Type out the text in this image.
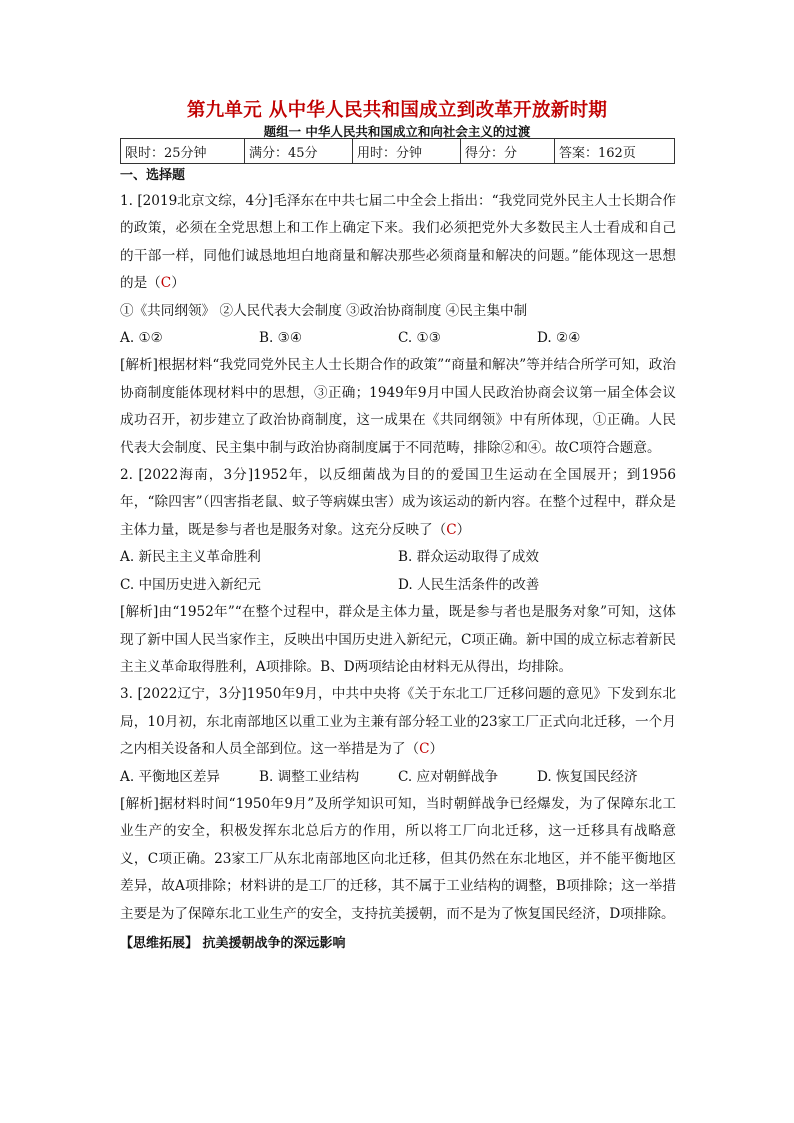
第九单元 从中华人民共和国成立到改革开放新时期
题组一 中华人民共和国成立和向社会主义的过渡
限时：25分钟	满分：45分	用时：分钟	得分：分	答案：162页
一、选择题

1. [2019北京文综，4分]毛泽东在中共七届二中全会上指出：“我党同党外民主人士长期合作的政策，必须在全党思想上和工作上确定下来。我们必须把党外大多数民主人士看成和自己的干部一样，同他们诚恳地坦白地商量和解决那些必须商量和解决的问题。”能体现这一思想的是（C）

①《共同纲领》 ②人民代表大会制度 ③政治协商制度 ④民主集中制

A. ①②	B. ③④	C. ①③	D. ②④

[解析]根据材料“我党同党外民主人士长期合作的政策”“商量和解决”等并结合所学可知，政治协商制度能体现材料中的思想，③正确；1949年9月中国人民政治协商会议第一届全体会议成功召开，初步建立了政治协商制度，这一成果在《共同纲领》中有所体现，①正确。人民代表大会制度、民主集中制与政治协商制度属于不同范畴，排除②和④。故C项符合题意。

2. [2022海南，3分]1952年，以反细菌战为目的的爱国卫生运动在全国展开；到1956年，“除四害”（四害指老鼠、蚊子等病媒虫害）成为该运动的新内容。在整个过程中，群众是主体力量，既是参与者也是服务对象。这充分反映了（C）

A. 新民主主义革命胜利	B. 群众运动取得了成效
C. 中国历史进入新纪元	D. 人民生活条件的改善

[解析]由“1952年”“在整个过程中，群众是主体力量，既是参与者也是服务对象”可知，这体现了新中国人民当家作主，反映出中国历史进入新纪元，C项正确。新中国的成立标志着新民主主义革命取得胜利，A项排除。B、D两项结论由材料无从得出，均排除。

3. [2022辽宁，3分]1950年9月，中共中央将《关于东北工厂迁移问题的意见》下发到东北局，10月初，东北南部地区以重工业为主兼有部分轻工业的23家工厂正式向北迁移，一个月之内相关设备和人员全部到位。这一举措是为了（C）

A. 平衡地区差异	B. 调整工业结构	C. 应对朝鲜战争	D. 恢复国民经济

[解析]据材料时间“1950年9月”及所学知识可知，当时朝鲜战争已经爆发，为了保障东北工业生产的安全，积极发挥东北总后方的作用，所以将工厂向北迁移，这一迁移具有战略意义，C项正确。23家工厂从东北南部地区向北迁移，但其仍然在东北地区，并不能平衡地区差异，故A项排除；材料讲的是工厂的迁移，其不属于工业结构的调整，B项排除；这一举措主要是为了保障东北工业生产的安全，支持抗美援朝，而不是为了恢复国民经济，D项排除。

【思维拓展】 抗美援朝战争的深远影响
